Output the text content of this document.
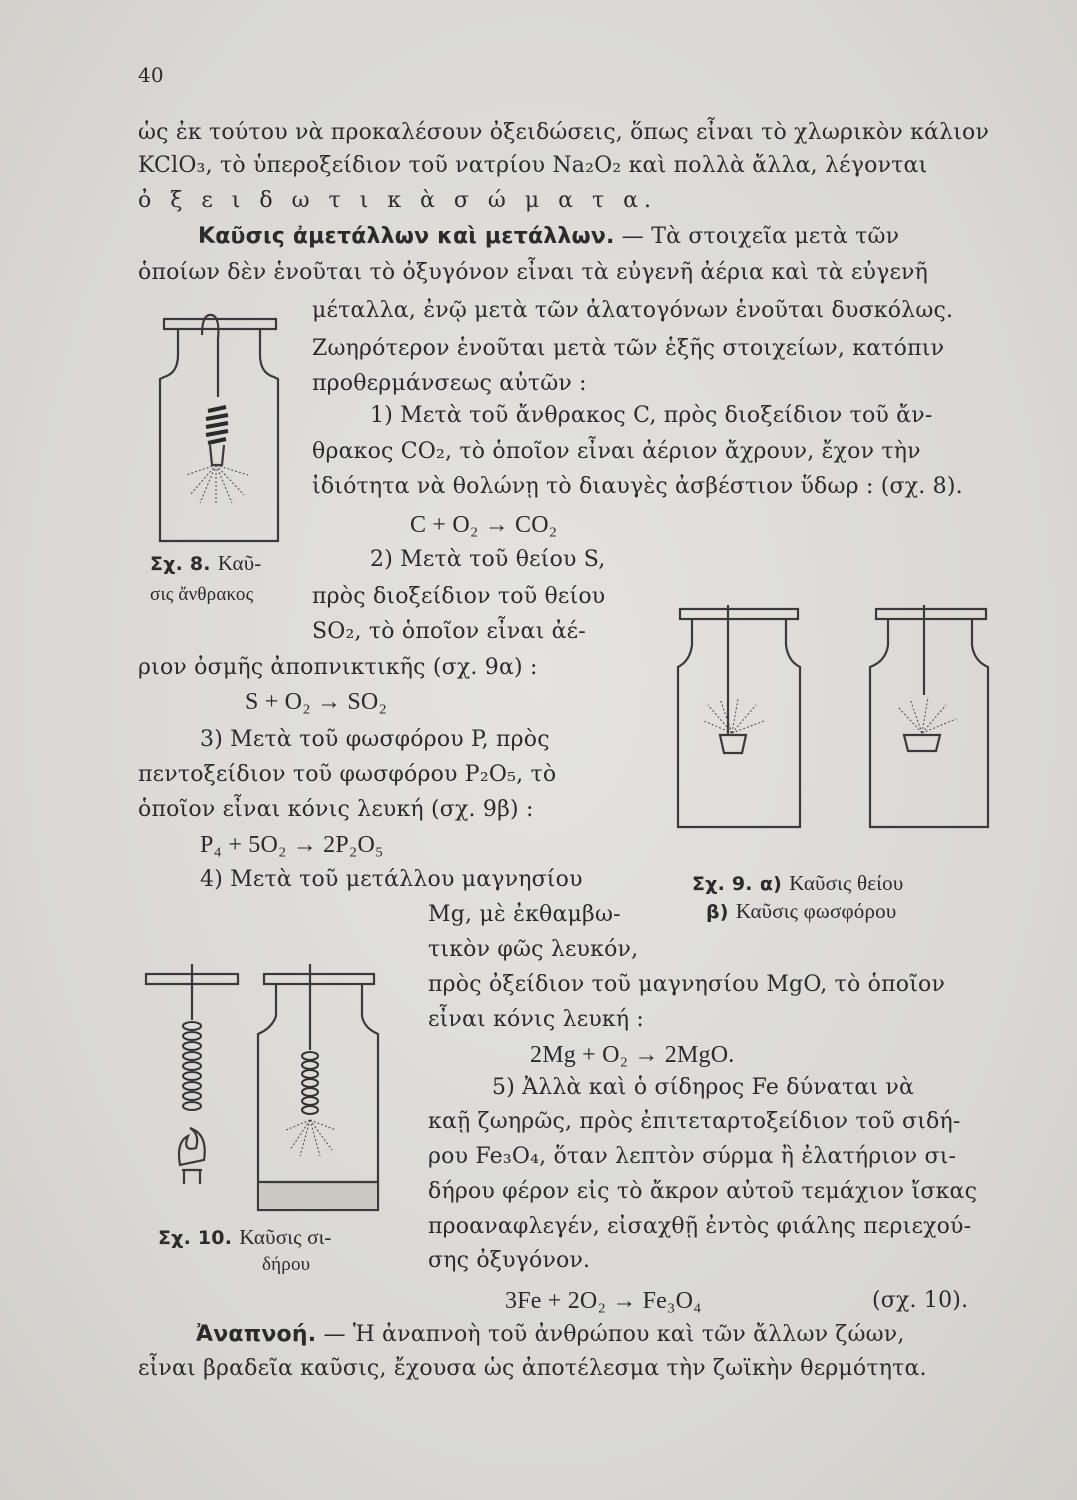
40
ὡς ἐκ τούτου νὰ προκαλέσουν ὀξειδώσεις, ὅπως εἶναι τὸ χλωρικὸν κάλιον
KClO₃, τὸ ὑπεροξείδιον τοῦ νατρίου Na₂O₂ καὶ πολλὰ ἄλλα, λέγονται
ὀ ξ ε ι δ ω τ ι κ ὰ σ ώ μ α τ α.
Καῦσις ἀμετάλλων καὶ μετάλλων. — Τὰ στοιχεῖα μετὰ τῶν
ὁποίων δὲν ἑνοῦται τὸ ὀξυγόνον εἶναι τὰ εὐγενῆ ἀέρια καὶ τὰ εὐγενῆ
μέταλλα, ἐνῷ μετὰ τῶν ἀλατογόνων ἑνοῦται δυσκόλως.
Ζωηρότερον ἑνοῦται μετὰ τῶν ἑξῆς στοιχείων, κατόπιν
προθερμάνσεως αὐτῶν :
1) Μετὰ τοῦ ἄνθρακος C, πρὸς διοξείδιον τοῦ ἄν-
θρακος CO₂, τὸ ὁποῖον εἶναι ἀέριον ἄχρουν, ἔχον τὴν
ἰδιότητα νὰ θολώνῃ τὸ διαυγὲς ἀσβέστιον ὕδωρ : (σχ. 8).
C + O₂ → CO₂
2) Μετὰ τοῦ θείου S,
πρὸς διοξείδιον τοῦ θείου
SO₂, τὸ ὁποῖον εἶναι ἀέ-
ριον ὀσμῆς ἀποπνικτικῆς (σχ. 9α) :
S + O₂ → SO₂
3) Μετὰ τοῦ φωσφόρου P, πρὸς
πεντοξείδιον τοῦ φωσφόρου P₂O₅, τὸ
ὁποῖον εἶναι κόνις λευκή (σχ. 9β) :
P₄ + 5O₂ → 2P₂O₅
4) Μετὰ τοῦ μετάλλου μαγνησίου
Mg, μὲ ἐκθαμβω-
τικὸν φῶς λευκόν,
πρὸς ὀξείδιον τοῦ μαγνησίου MgO, τὸ ὁποῖον
εἶναι κόνις λευκή :
2Mg + O₂ → 2MgO.
5) Ἀλλὰ καὶ ὁ σίδηρος Fe δύναται νὰ
καῇ ζωηρῶς, πρὸς ἐπιτεταρτοξείδιον τοῦ σιδή-
ρου Fe₃O₄, ὅταν λεπτὸν σύρμα ἢ ἐλατήριον σι-
δήρου φέρον εἰς τὸ ἄκρον αὐτοῦ τεμάχιον ἴσκας
προαναφλεγέν, εἰσαχθῇ ἐντὸς φιάλης περιεχού-
σης ὀξυγόνον.
3Fe + 2O₂ → Fe₃O₄	(σχ. 10).
Ἀναπνοή. — Ἡ ἀναπνοὴ τοῦ ἀνθρώπου καὶ τῶν ἄλλων ζώων,
εἶναι βραδεῖα καῦσις, ἔχουσα ὡς ἀποτέλεσμα τὴν ζωϊκὴν θερμότητα.
Σχ. 8. Καῦ-
σις ἄνθρακος
Σχ. 9. α) Καῦσις θείου
β) Καῦσις φωσφόρου
Σχ. 10. Καῦσις σι-
δήρου
